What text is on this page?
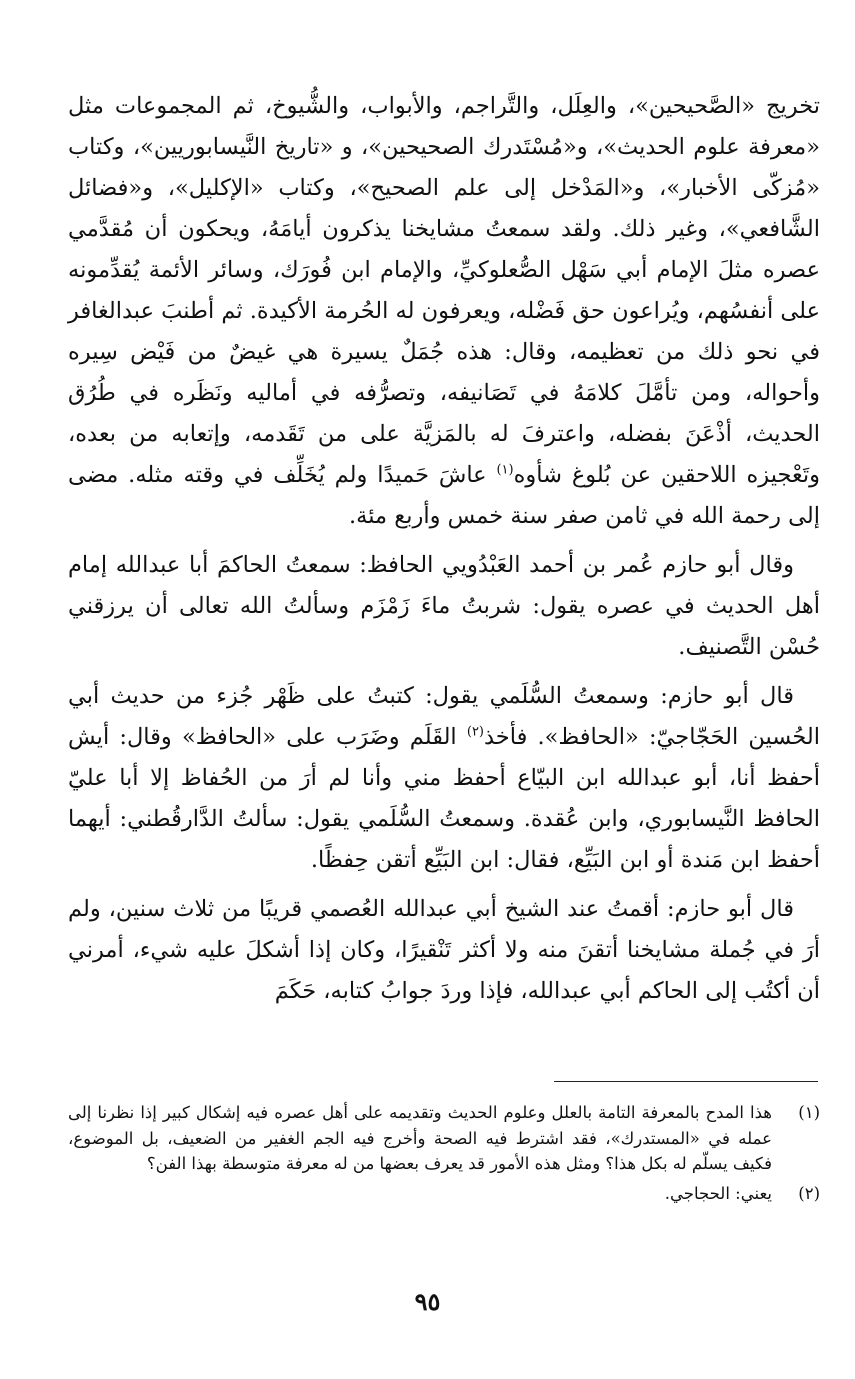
تخريج «الصَّحيحين»، والعِلَل، والتَّراجم، والأبواب، والشُّيوخ، ثم المجموعات مثل «معرفة علوم الحديث»، و«مُسْتَدرك الصحيحين»، و «تاريخ النَّيسابوريين»، وكتاب «مُزكّى الأخبار»، و«المَدْخل إلى علم الصحيح»، وكتاب «الإكليل»، و«فضائل الشَّافعي»، وغير ذلك. ولقد سمعتُ مشايخنا يذكرون أيامَهُ، ويحكون أن مُقدَّمي عصره مثلَ الإمام أبي سَهْل الصُّعلوكيِّ، والإمام ابن فُورَك، وسائر الأئمة يُقدِّمونه على أنفسُهم، ويُراعون حق فَضْله، ويعرفون له الحُرمة الأكيدة. ثم أطنبَ عبدالغافر في نحو ذلك من تعظيمه، وقال: هذه جُمَلٌ يسيرة هي غيضٌ من فَيْض سِيره وأحواله، ومن تأمَّلَ كلامَهُ في تَصَانيفه، وتصرُّفه في أماليه ونَظَره في طُرُق الحديث، أذْعَنَ بفضله، واعترفَ له بالمَزيَّة على من تَقَدمه، وإتعابه من بعده، وتَعْجيزه اللاحقين عن بُلوغ شأوه$^{(١)}$ عاشَ حَميدًا ولم يُخَلِّف في وقته مثله. مضى إلى رحمة الله في ثامن صفر سنة خمس وأربع مئة.

وقال أبو حازم عُمر بن أحمد العَبْدُويي الحافظ: سمعتُ الحاكمَ أبا عبدالله إمام أهل الحديث في عصره يقول: شربتُ ماءَ زَمْزَم وسألتُ الله تعالى أن يرزقني حُسْن التَّصنيف.

قال أبو حازم: وسمعتُ السُّلَمي يقول: كتبتُ على ظَهْر جُزء من حديث أبي الحُسين الحَجّاجيّ: «الحافظ». فأخذ$^{(٢)}$ القَلَم وضَرَب على «الحافظ» وقال: أيش أحفظ أنا، أبو عبدالله ابن البيّاع أحفظ مني وأنا لم أرَ من الحُفاظ إلا أبا عليّ الحافظ النَّيسابوري، وابن عُقدة. وسمعتُ السُّلَمي يقول: سألتُ الدَّارقُطني: أيهما أحفظ ابن مَندة أو ابن البَيِّع، فقال: ابن البَيِّع أتقن حِفظًا.

قال أبو حازم: أقمتُ عند الشيخ أبي عبدالله العُصمي قريبًا من ثلاث سنين، ولم أرَ في جُملة مشايخنا أتقنَ منه ولا أكثر تَنْقيرًا، وكان إذا أشكلَ عليه شيء، أمرني أن أكتُب إلى الحاكم أبي عبدالله، فإذا وردَ جوابُ كتابه، حَكَمَ

(١)
هذا المدح بالمعرفة التامة بالعلل وعلوم الحديث وتقديمه على أهل عصره فيه إشكال كبير إذا نظرنا إلى عمله في «المستدرك»، فقد اشترط فيه الصحة وأخرج فيه الجم الغفير من الضعيف، بل الموضوع، فكيف يسلّم له بكل هذا؟ ومثل هذه الأمور قد يعرف بعضها من له معرفة متوسطة بهذا الفن؟
(٢)
يعني: الحجاجي.
٩٥
